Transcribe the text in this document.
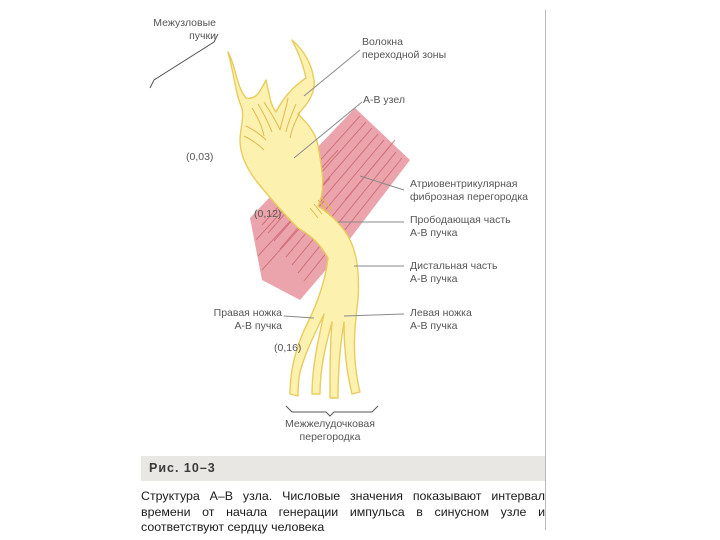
Межузловые
пучки	Волокна
переходной зоны
А-В узел
Атриовентрикулярная
фиброзная перегородка
Прободающая часть
А-В пучка
Дистальная часть
А-В пучка
Левая ножка
А-В пучка
Правая ножка
А-В пучка
Межжелудочковая
перегородка
(0,03)
(0,12)
(0,16)
Рис. 10–3
Структура А–В узла. Числовые значения показывают интервал времени от начала генерации импульса в синусном узле и соответствуют сердцу человека
